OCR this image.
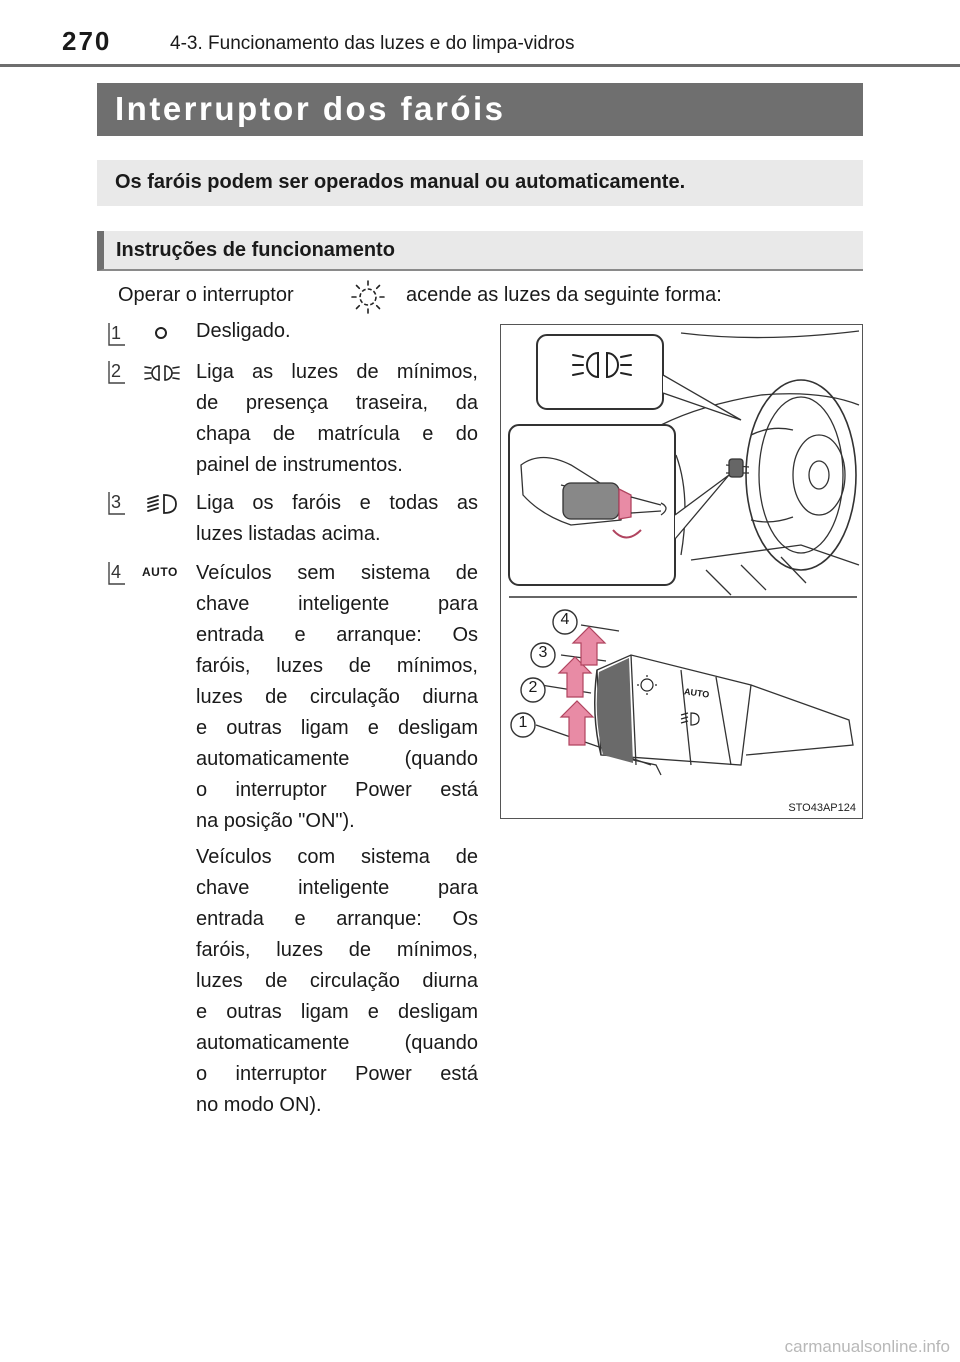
270	4-3. Funcionamento das luzes e do limpa-vidros
Interruptor dos faróis
Os faróis podem ser operados manual ou automaticamente.
Instruções de funcionamento
Operar o interruptor	acende as luzes da seguinte forma:
1	Desligado.
2	Liga as luzes de mínimos,
de presença traseira, da
chapa de matrícula e do
painel de instrumentos.
3	Liga os faróis e todas as
luzes listadas acima.
4 AUTO Veículos sem sistema de
chave inteligente para
entrada e arranque: Os
faróis, luzes de mínimos,
luzes de circulação diurna
e outras ligam e desligam
automaticamente (quando
o interruptor Power está
na posição "ON").
Veículos com sistema de
chave inteligente para
entrada e arranque: Os
faróis, luzes de mínimos,
luzes de circulação diurna
e outras ligam e desligam
automaticamente (quando
o interruptor Power está
no modo ON).
1
2
3
4
AUTO
STO43AP124
carmanualsonline.info
